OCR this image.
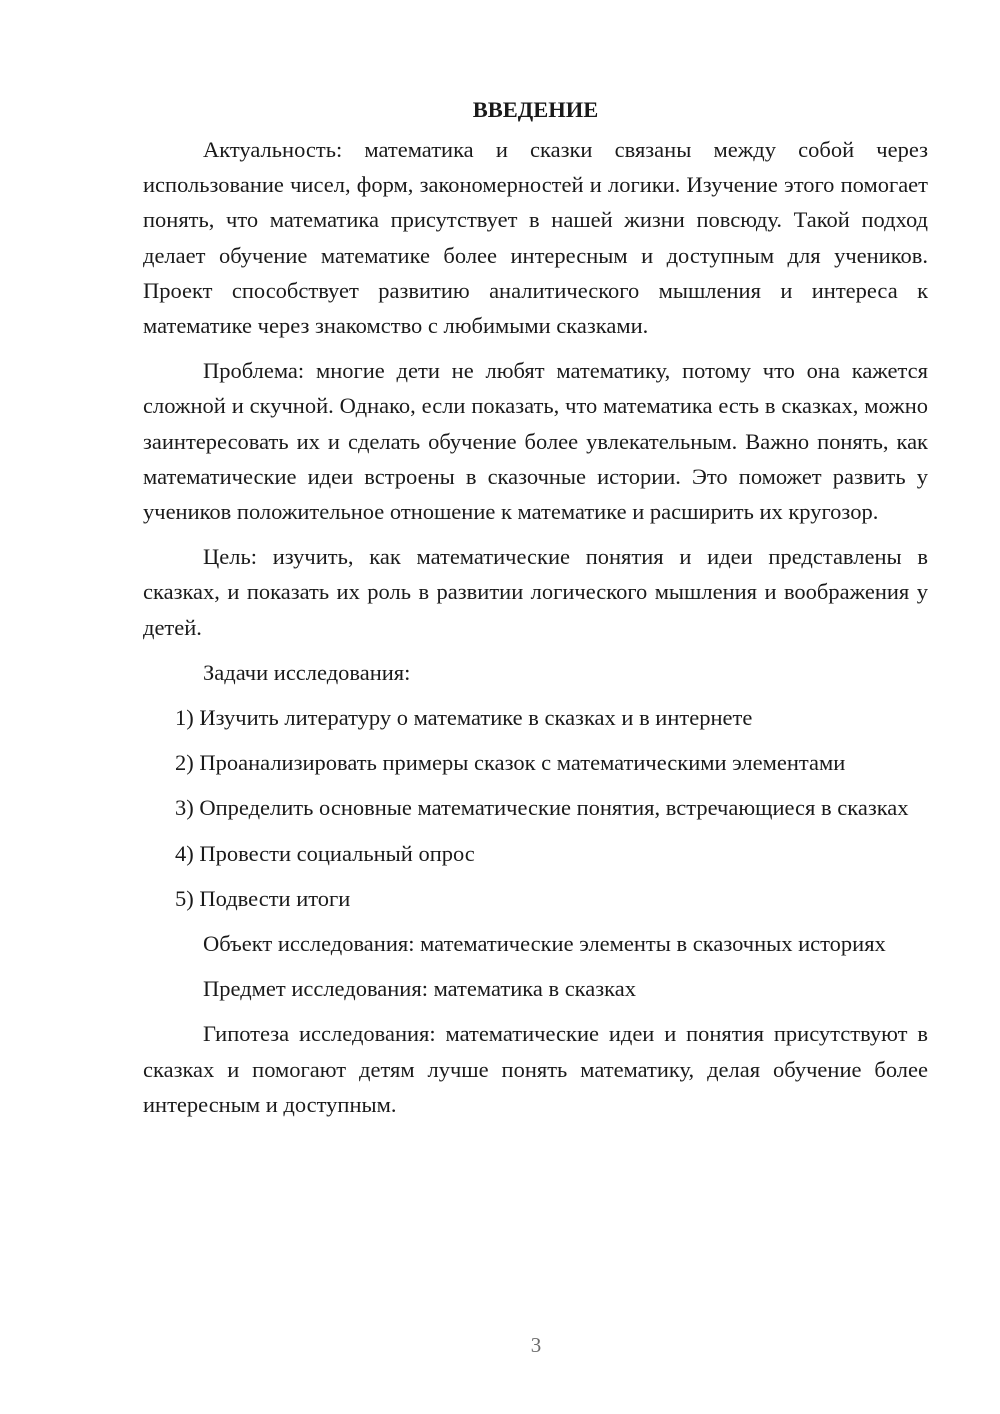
ВВЕДЕНИЕ

Актуальность: математика и сказки связаны между собой через использование чисел, форм, закономерностей и логики. Изучение этого помогает понять, что математика присутствует в нашей жизни повсюду. Такой подход делает обучение математике более интересным и доступным для учеников. Проект способствует развитию аналитического мышления и интереса к математике через знакомство с любимыми сказками.

Проблема: многие дети не любят математику, потому что она кажется сложной и скучной. Однако, если показать, что математика есть в сказках, можно заинтересовать их и сделать обучение более увлекательным. Важно понять, как математические идеи встроены в сказочные истории. Это поможет развить у учеников положительное отношение к математике и расширить их кругозор.

Цель: изучить, как математические понятия и идеи представлены в сказках, и показать их роль в развитии логического мышления и воображения у детей.

Задачи исследования:

1) Изучить литературу о математике в сказках и в интернете

2) Проанализировать примеры сказок с математическими элементами

3) Определить основные математические понятия, встречающиеся в сказках

4) Провести социальный опрос

5) Подвести итоги

Объект исследования: математические элементы в сказочных историях

Предмет исследования: математика в сказках

Гипотеза исследования: математические идеи и понятия присутствуют в сказках и помогают детям лучше понять математику, делая обучение более интересным и доступным.

3
